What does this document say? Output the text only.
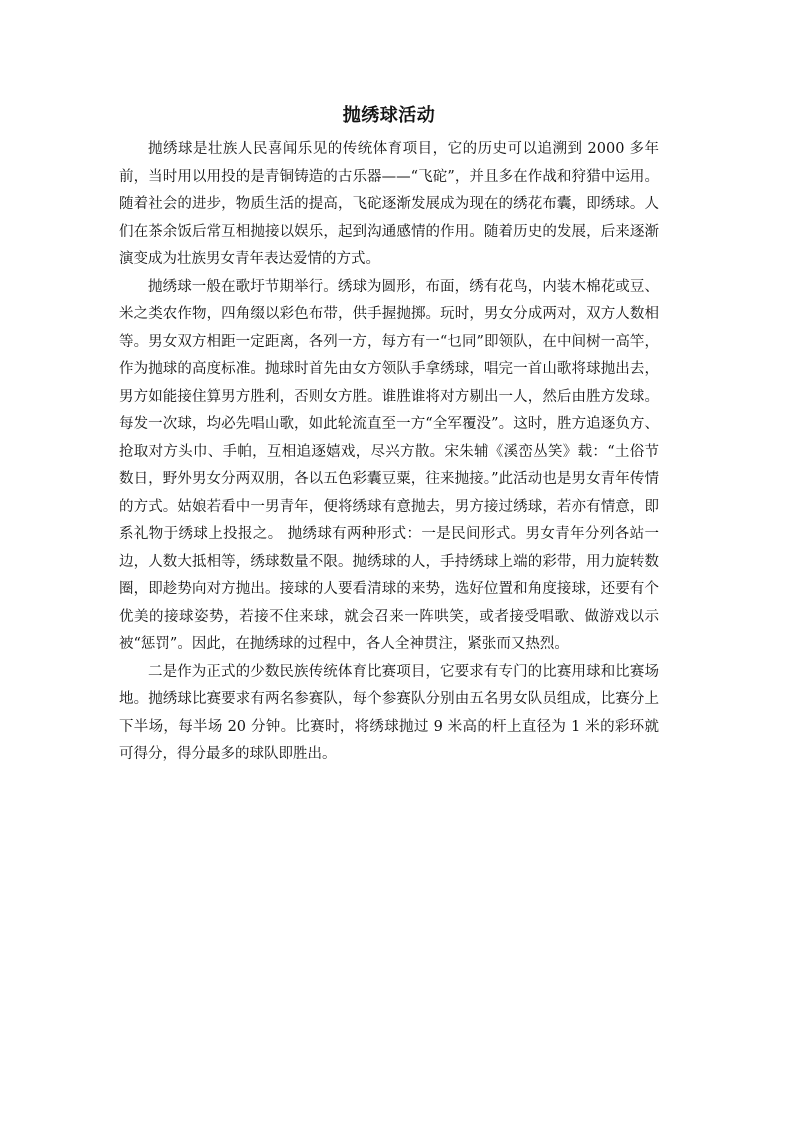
抛绣球活动

抛绣球是壮族人民喜闻乐见的传统体育项目，它的历史可以追溯到 2000 多年前，当时用以用投的是青铜铸造的古乐器——“飞砣”，并且多在作战和狩猎中运用。随着社会的进步，物质生活的提高，飞砣逐渐发展成为现在的绣花布囊，即绣球。人们在茶余饭后常互相抛接以娱乐，起到沟通感情的作用。随着历史的发展，后来逐渐演变成为壮族男女青年表达爱情的方式。

抛绣球一般在歌圩节期举行。绣球为圆形，布面，绣有花鸟，内装木棉花或豆、米之类农作物，四角缀以彩色布带，供手握抛掷。玩时，男女分成两对，双方人数相等。男女双方相距一定距离，各列一方，每方有一“乜同”即领队，在中间树一高竿，作为抛球的高度标准。抛球时首先由女方领队手拿绣球，唱完一首山歌将球抛出去，男方如能接住算男方胜利，否则女方胜。谁胜谁将对方剔出一人，然后由胜方发球。每发一次球，均必先唱山歌，如此轮流直至一方“全军覆没”。这时，胜方追逐负方、抢取对方头巾、手帕，互相追逐嬉戏，尽兴方散。宋朱辅《溪峦丛笑》载：“土俗节数日，野外男女分两双朋，各以五色彩囊豆粟，往来抛接。”此活动也是男女青年传情的方式。姑娘若看中一男青年，便将绣球有意抛去，男方接过绣球，若亦有情意，即系礼物于绣球上投报之。 抛绣球有两种形式：一是民间形式。男女青年分列各站一边，人数大抵相等，绣球数量不限。抛绣球的人，手持绣球上端的彩带，用力旋转数圈，即趁势向对方抛出。接球的人要看清球的来势，选好位置和角度接球，还要有个优美的接球姿势，若接不住来球，就会召来一阵哄笑，或者接受唱歌、做游戏以示被“惩罚”。因此，在抛绣球的过程中，各人全神贯注，紧张而又热烈。

二是作为正式的少数民族传统体育比赛项目，它要求有专门的比赛用球和比赛场地。抛绣球比赛要求有两名参赛队，每个参赛队分别由五名男女队员组成，比赛分上下半场，每半场 20 分钟。比赛时，将绣球抛过 9 米高的杆上直径为 1 米的彩环就可得分，得分最多的球队即胜出。
